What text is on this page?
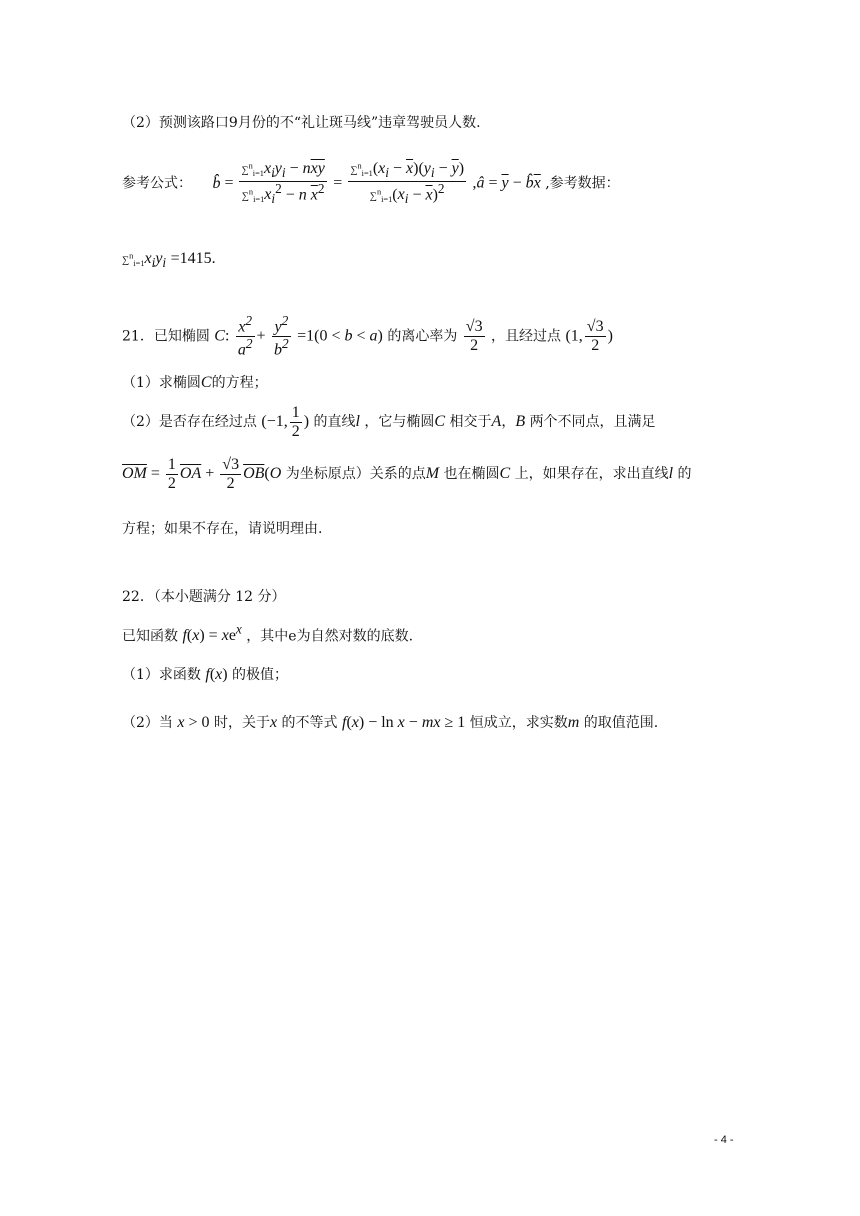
（2）预测该路口9月份的不“礼让斑马线”违章驾驶员人数.
参考公式： b̂ = $\frac{\sum^n_{i=1}x_iy_i - n\overline{xy}}{\sum^n_{i=1}x_i^2 - n \overline{x}^2} = \frac{\sum^n_{i=1}(x_i - \overline{x})(y_i - \overline{y})}{\sum^n_{i=1}(x_i - \overline{x})^2}$ ,â = $\overline{y}$ − $b̂\overline{x}$ ,参考数据：
$\sum^n_{i=1}x_iy_i =1415$.
21．已知椭圆 C: $\frac{x^2}{a^2} + \frac{y^2}{b^2} =1(0 < b < a)$ 的离心率为 $\frac{√3}{2}$ ，且经过点 (1, $\frac{√3}{2}$ )
（1）求椭圆C的方程；
（2）是否存在经过点 (−1, $\frac{1}{2}$ ) 的直线l ，它与椭圆C 相交于A，B 两个不同点，且满足
$\overline{OM} = \frac{1}{2} \overline{OA} + \frac{√3}{2} \overline{OB}(O$ 为坐标原点）关系的点M 也在椭圆C 上，如果存在，求出直线l 的
方程；如果不存在，请说明理由.
22．（本小题满分 12 分）
已知函数 $f(x) = xe^x$ ，其中e为自然对数的底数.
（1）求函数 f(x) 的极值；
（2）当 x > 0 时，关于x 的不等式 f(x) − ln x − mx ≥ 1 恒成立，求实数m 的取值范围.
- 4 -
